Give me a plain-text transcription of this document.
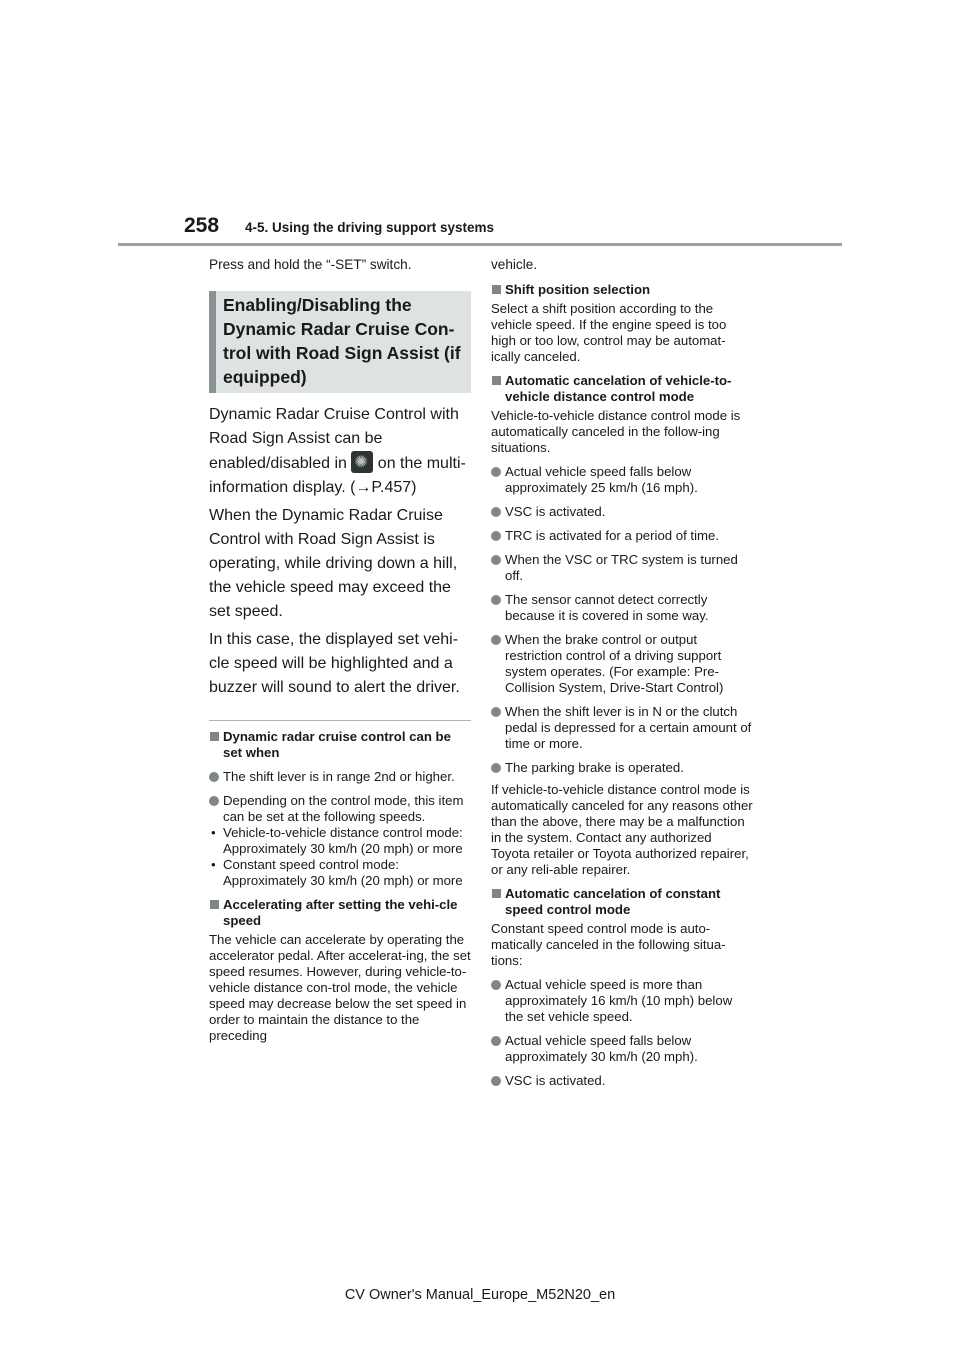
258 4-5. Using the driving support systems
Press and hold the “-SET” switch.
Enabling/Disabling the
Dynamic Radar Cruise Con-
trol with Road Sign Assist (if
equipped)
Dynamic Radar Cruise Control with Road Sign Assist can be enabled/disabled in ✺ on the multi-information display. (→P.457)
When the Dynamic Radar Cruise Control with Road Sign Assist is operating, while driving down a hill, the vehicle speed may exceed the set speed.
In this case, the displayed set vehi-cle speed will be highlighted and a buzzer will sound to alert the driver.
Dynamic radar cruise control can be set when
The shift lever is in range 2nd or higher.
Depending on the control mode, this item can be set at the following speeds.
• Vehicle-to-vehicle distance control mode: Approximately 30 km/h (20 mph) or more
• Constant speed control mode: Approximately 30 km/h (20 mph) or more
Accelerating after setting the vehi-cle speed
The vehicle can accelerate by operating the accelerator pedal. After accelerat-ing, the set speed resumes. However, during vehicle-to-vehicle distance con-trol mode, the vehicle speed may decrease below the set speed in order to maintain the distance to the preceding
vehicle.
Shift position selection
Select a shift position according to the vehicle speed. If the engine speed is too high or too low, control may be automat-ically canceled.
Automatic cancelation of vehicle-to-vehicle distance control mode
Vehicle-to-vehicle distance control mode is automatically canceled in the follow-ing situations.
Actual vehicle speed falls below approximately 25 km/h (16 mph).
VSC is activated.
TRC is activated for a period of time.
When the VSC or TRC system is turned off.
The sensor cannot detect correctly because it is covered in some way.
When the brake control or output restriction control of a driving support system operates. (For example: Pre-Collision System, Drive-Start Control)
When the shift lever is in N or the clutch pedal is depressed for a certain amount of time or more.
The parking brake is operated.
If vehicle-to-vehicle distance control mode is automatically canceled for any reasons other than the above, there may be a malfunction in the system. Contact any authorized Toyota retailer or Toyota authorized repairer, or any reli-able repairer.
Automatic cancelation of constant speed control mode
Constant speed control mode is auto-matically canceled in the following situa-tions:
Actual vehicle speed is more than approximately 16 km/h (10 mph) below the set vehicle speed.
Actual vehicle speed falls below approximately 30 km/h (20 mph).
VSC is activated.
CV Owner's Manual_Europe_M52N20_en
